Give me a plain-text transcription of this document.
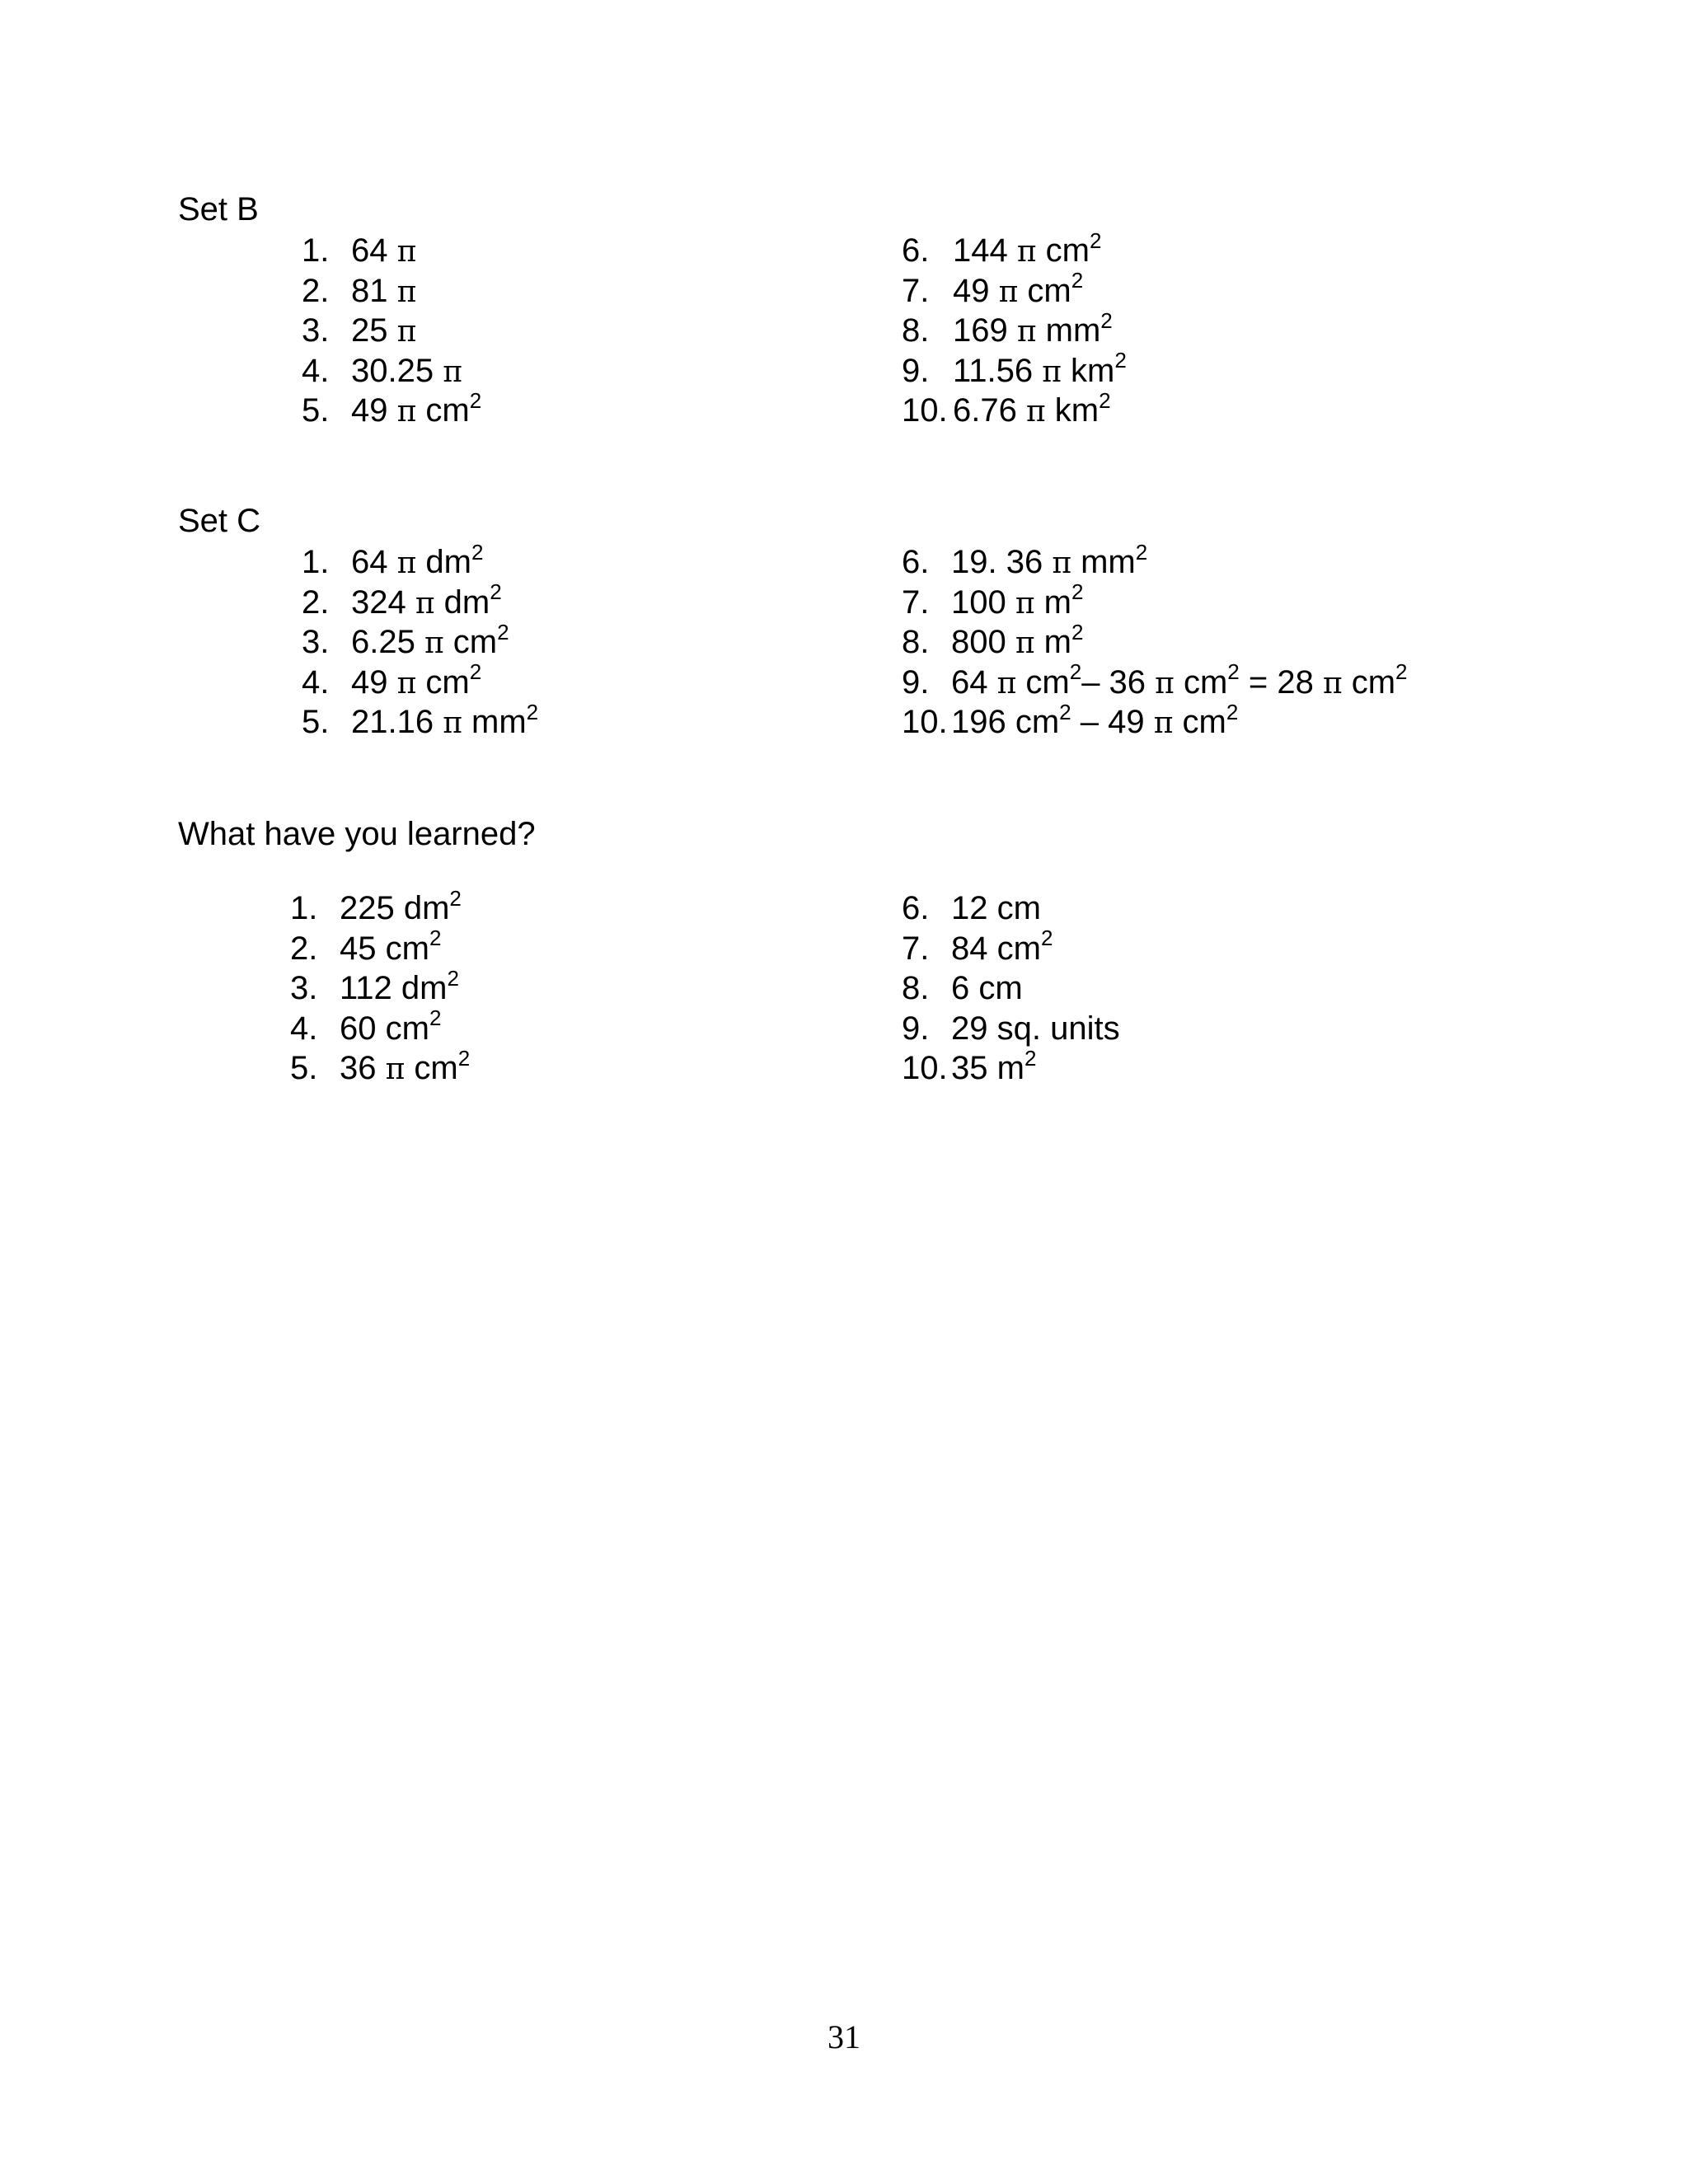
Set B
1. 64 π
2. 81 π
3. 25 π
4. 30.25 π
5. 49 π $cm^2$
6. 144 π $cm^2$
7. 49 π $cm^2$
8. 169 π $mm^2$
9. 11.56 π $km^2$
10. 6.76 π $km^2$
Set C
1. 64 π $dm^2$
2. 324 π $dm^2$
3. 6.25 π $cm^2$
4. 49 π $cm^2$
5. 21.16 π $mm^2$
6. 19. 36 π $mm^2$
7. 100 π $m^2$
8. 800 π $m^2$
9. 64 π $cm^2-$ 36 π $cm^2 = 28$ π $cm^2$
10. 196 $cm^2 - 49$ π $cm^2$
What have you learned?
1. 225 $dm^2$
2. 45 $cm^2$
3. 112 $dm^2$
4. 60 $cm^2$
5. 36 π $cm^2$
6. 12 cm
7. 84 $cm^2$
8. 6 cm
9. 29 sq. units
10. 35 $m^2$
31
